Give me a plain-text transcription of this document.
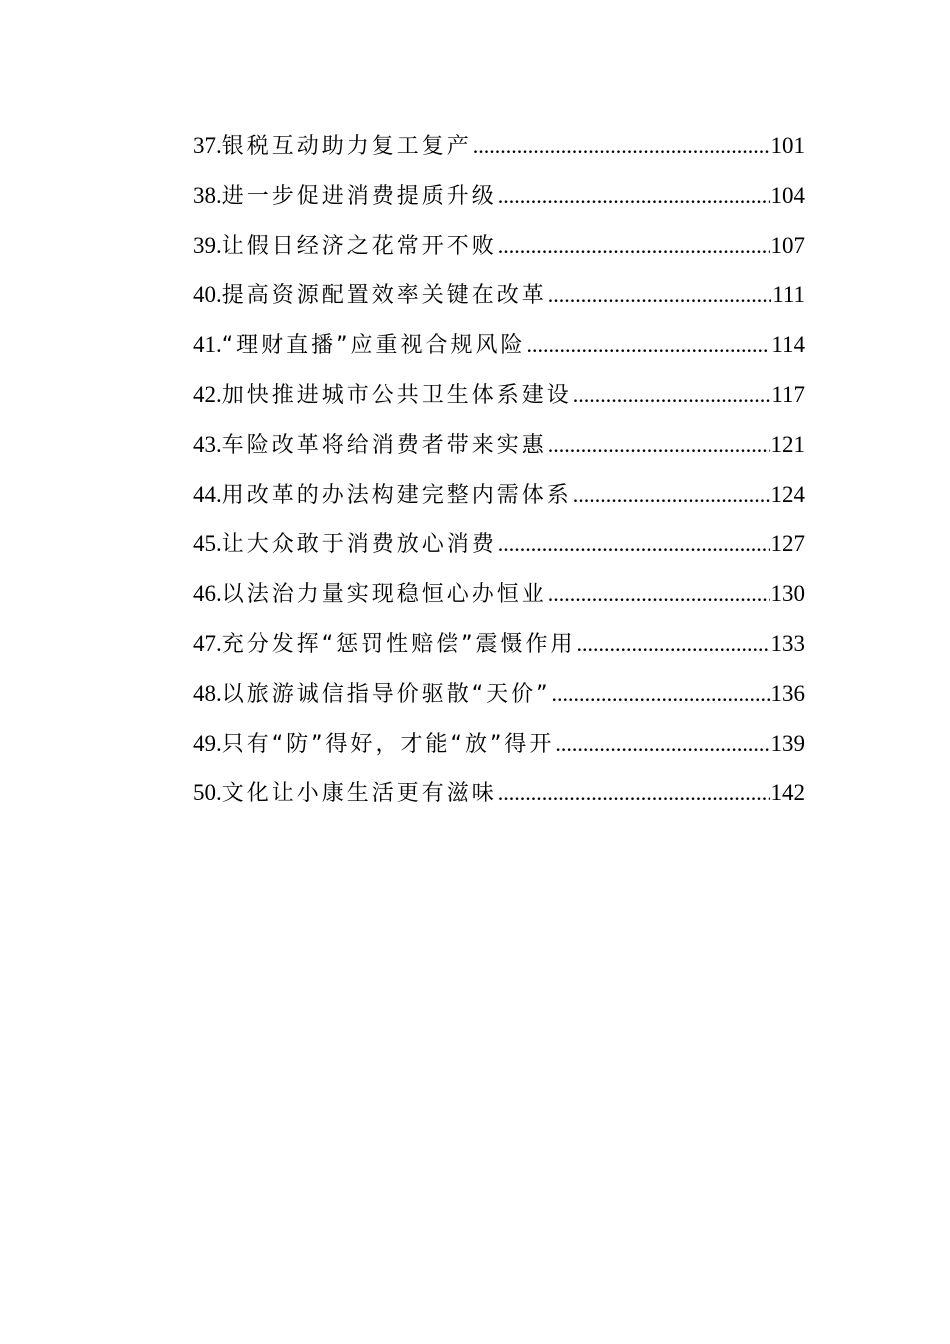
37. 银税互动助力复工复产 .....	101
38. 进一步促进消费提质升级 .....	104
39. 让假日经济之花常开不败 .....	107
40. 提高资源配置效率关键在改革 .....	111
41. “理财直播”应重视合规风险 .....	114
42. 加快推进城市公共卫生体系建设 .....	117
43. 车险改革将给消费者带来实惠 .....	121
44. 用改革的办法构建完整内需体系 .....	124
45. 让大众敢于消费放心消费 .....	127
46. 以法治力量实现稳恒心办恒业 .....	130
47. 充分发挥“惩罚性赔偿”震慑作用 .....	133
48. 以旅游诚信指导价驱散“天价” .....	136
49. 只有“防”得好，才能“放”得开 .....	139
50. 文化让小康生活更有滋味 .....	142
